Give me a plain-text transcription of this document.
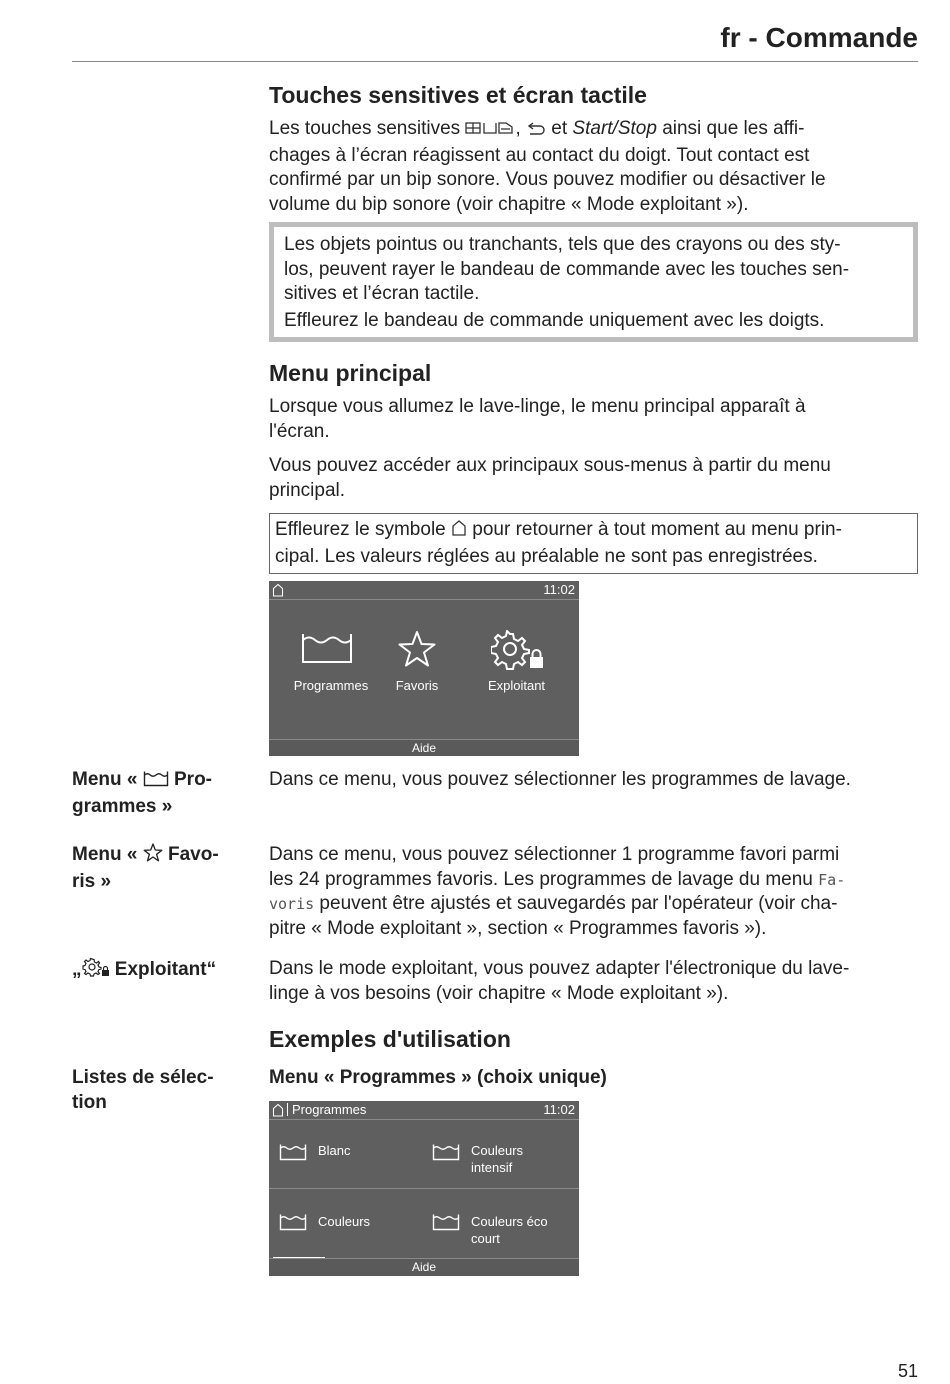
fr - Commande
Touches sensitives et écran tactile
Les touches sensitives	,  et Start/Stop ainsi que les affi-
chages à l’écran réagissent au contact du doigt. Tout contact est
confirmé par un bip sonore. Vous pouvez modifier ou désactiver le
volume du bip sonore (voir chapitre « Mode exploitant »).
Les objets pointus ou tranchants, tels que des crayons ou des sty-
los, peuvent rayer le bandeau de commande avec les touches sen-
sitives et l’écran tactile.
Effleurez le bandeau de commande uniquement avec les doigts.
Menu principal
Lorsque vous allumez le lave-linge, le menu principal apparaît à
l'écran.
Vous pouvez accéder aux principaux sous-menus à partir du menu
principal.
Effleurez le symbole  pour retourner à tout moment au menu prin-
cipal. Les valeurs réglées au préalable ne sont pas enregistrées.
11:02
Programmes	Favoris	Exploitant
Aide
Menu «  Pro-
grammes »
Dans ce menu, vous pouvez sélectionner les programmes de lavage.
Menu «  Favo-
ris »
Dans ce menu, vous pouvez sélectionner 1 programme favori parmi
les 24 programmes favoris. Les programmes de lavage du menu Fa-
voris peuvent être ajustés et sauvegardés par l'opérateur (voir cha-
pitre « Mode exploitant », section « Programmes favoris »).
„ Exploitant“	Dans le mode exploitant, vous pouvez adapter l'électronique du lave-
linge à vos besoins (voir chapitre « Mode exploitant »).
Exemples d'utilisation
Listes de sélec-
tion
Menu « Programmes » (choix unique)
Programmes	11:02
Blanc	Couleurs
intensif
Couleurs	Couleurs éco
court
Aide
51
